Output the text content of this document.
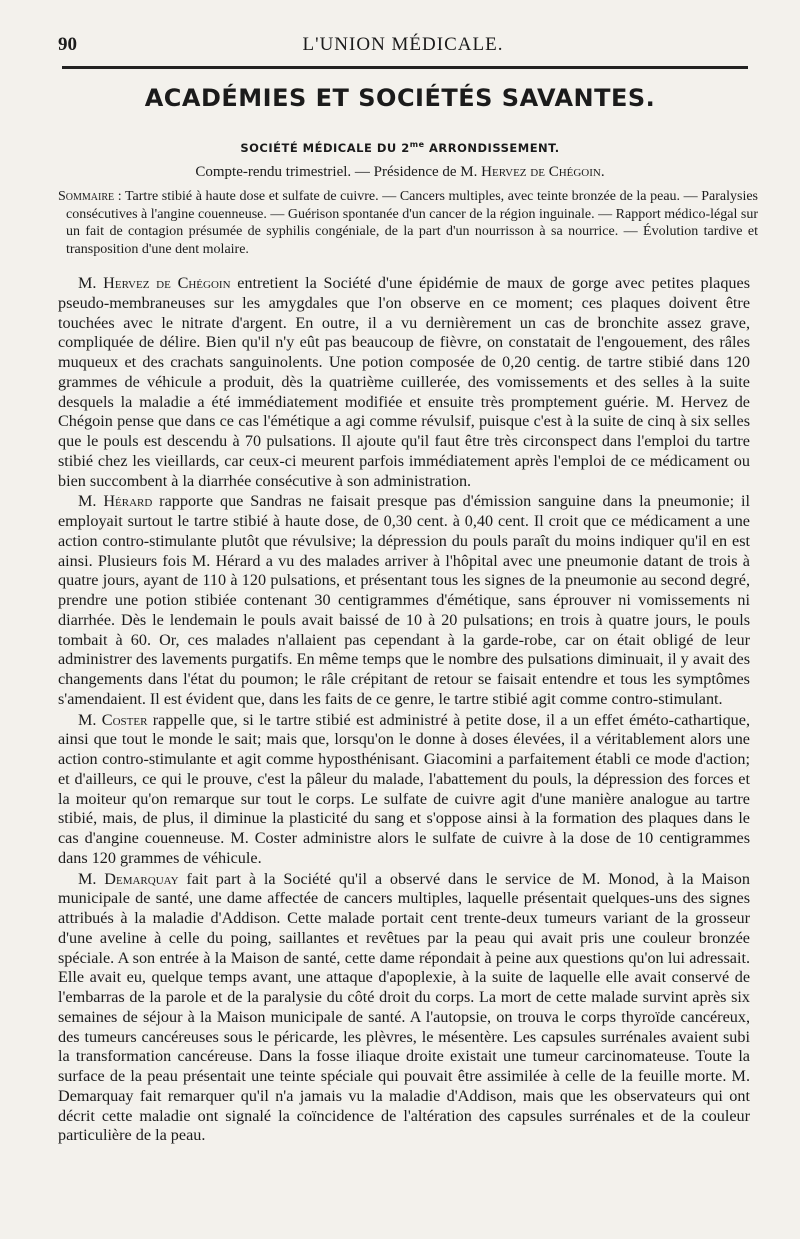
90	L'UNION MÉDICALE.
ACADÉMIES ET SOCIÉTÉS SAVANTES.
SOCIÉTÉ MÉDICALE DU $2^{me}$ ARRONDISSEMENT.
Compte-rendu trimestriel. — Présidence de M. Hervez de Chégoin.
Sommaire : Tartre stibié à haute dose et sulfate de cuivre. — Cancers multiples, avec teinte bronzée de la peau. — Paralysies consécutives à l'angine couenneuse. — Guérison spontanée d'un cancer de la région inguinale. — Rapport médico-légal sur un fait de contagion présumée de syphilis congéniale, de la part d'un nourrisson à sa nourrice. — Évolution tardive et transposition d'une dent molaire.

M. Hervez de Chégoin entretient la Société d'une épidémie de maux de gorge avec petites plaques pseudo-membraneuses sur les amygdales que l'on observe en ce moment; ces plaques doivent être touchées avec le nitrate d'argent. En outre, il a vu dernièrement un cas de bronchite assez grave, compliquée de délire. Bien qu'il n'y eût pas beaucoup de fièvre, on constatait de l'engouement, des râles muqueux et des crachats sanguinolents. Une potion composée de 0,20 centig. de tartre stibié dans 120 grammes de véhicule a produit, dès la quatrième cuillerée, des vomissements et des selles à la suite desquels la maladie a été immédiatement modifiée et ensuite très promptement guérie. M. Hervez de Chégoin pense que dans ce cas l'émétique a agi comme révulsif, puisque c'est à la suite de cinq à six selles que le pouls est descendu à 70 pulsations. Il ajoute qu'il faut être très circonspect dans l'emploi du tartre stibié chez les vieillards, car ceux-ci meurent parfois immédiatement après l'emploi de ce médicament ou bien succombent à la diarrhée consécutive à son administration.

M. Hérard rapporte que Sandras ne faisait presque pas d'émission sanguine dans la pneumonie; il employait surtout le tartre stibié à haute dose, de 0,30 cent. à 0,40 cent. Il croit que ce médicament a une action contro-stimulante plutôt que révulsive; la dépression du pouls paraît du moins indiquer qu'il en est ainsi. Plusieurs fois M. Hérard a vu des malades arriver à l'hôpital avec une pneumonie datant de trois à quatre jours, ayant de 110 à 120 pulsations, et présentant tous les signes de la pneumonie au second degré, prendre une potion stibiée contenant 30 centigrammes d'émétique, sans éprouver ni vomissements ni diarrhée. Dès le lendemain le pouls avait baissé de 10 à 20 pulsations; en trois à quatre jours, le pouls tombait à 60. Or, ces malades n'allaient pas cependant à la garde-robe, car on était obligé de leur administrer des lavements purgatifs. En même temps que le nombre des pulsations diminuait, il y avait des changements dans l'état du poumon; le râle crépitant de retour se faisait entendre et tous les symptômes s'amendaient. Il est évident que, dans les faits de ce genre, le tartre stibié agit comme contro-stimulant.

M. Coster rappelle que, si le tartre stibié est administré à petite dose, il a un effet éméto-cathartique, ainsi que tout le monde le sait; mais que, lorsqu'on le donne à doses élevées, il a véritablement alors une action contro-stimulante et agit comme hyposthénisant. Giacomini a parfaitement établi ce mode d'action; et d'ailleurs, ce qui le prouve, c'est la pâleur du malade, l'abattement du pouls, la dépression des forces et la moiteur qu'on remarque sur tout le corps. Le sulfate de cuivre agit d'une manière analogue au tartre stibié, mais, de plus, il diminue la plasticité du sang et s'oppose ainsi à la formation des plaques dans le cas d'angine couenneuse. M. Coster administre alors le sulfate de cuivre à la dose de 10 centigrammes dans 120 grammes de véhicule.

M. Demarquay fait part à la Société qu'il a observé dans le service de M. Monod, à la Maison municipale de santé, une dame affectée de cancers multiples, laquelle présentait quelques-uns des signes attribués à la maladie d'Addison. Cette malade portait cent trente-deux tumeurs variant de la grosseur d'une aveline à celle du poing, saillantes et revêtues par la peau qui avait pris une couleur bronzée spéciale. A son entrée à la Maison de santé, cette dame répondait à peine aux questions qu'on lui adressait. Elle avait eu, quelque temps avant, une attaque d'apoplexie, à la suite de laquelle elle avait conservé de l'embarras de la parole et de la paralysie du côté droit du corps. La mort de cette malade survint après six semaines de séjour à la Maison municipale de santé. A l'autopsie, on trouva le corps thyroïde cancéreux, des tumeurs cancéreuses sous le péricarde, les plèvres, le mésentère. Les capsules surrénales avaient subi la transformation cancéreuse. Dans la fosse iliaque droite existait une tumeur carcinomateuse. Toute la surface de la peau présentait une teinte spéciale qui pouvait être assimilée à celle de la feuille morte. M. Demarquay fait remarquer qu'il n'a jamais vu la maladie d'Addison, mais que les observateurs qui ont décrit cette maladie ont signalé la coïncidence de l'altération des capsules surrénales et de la couleur particulière de la peau.
